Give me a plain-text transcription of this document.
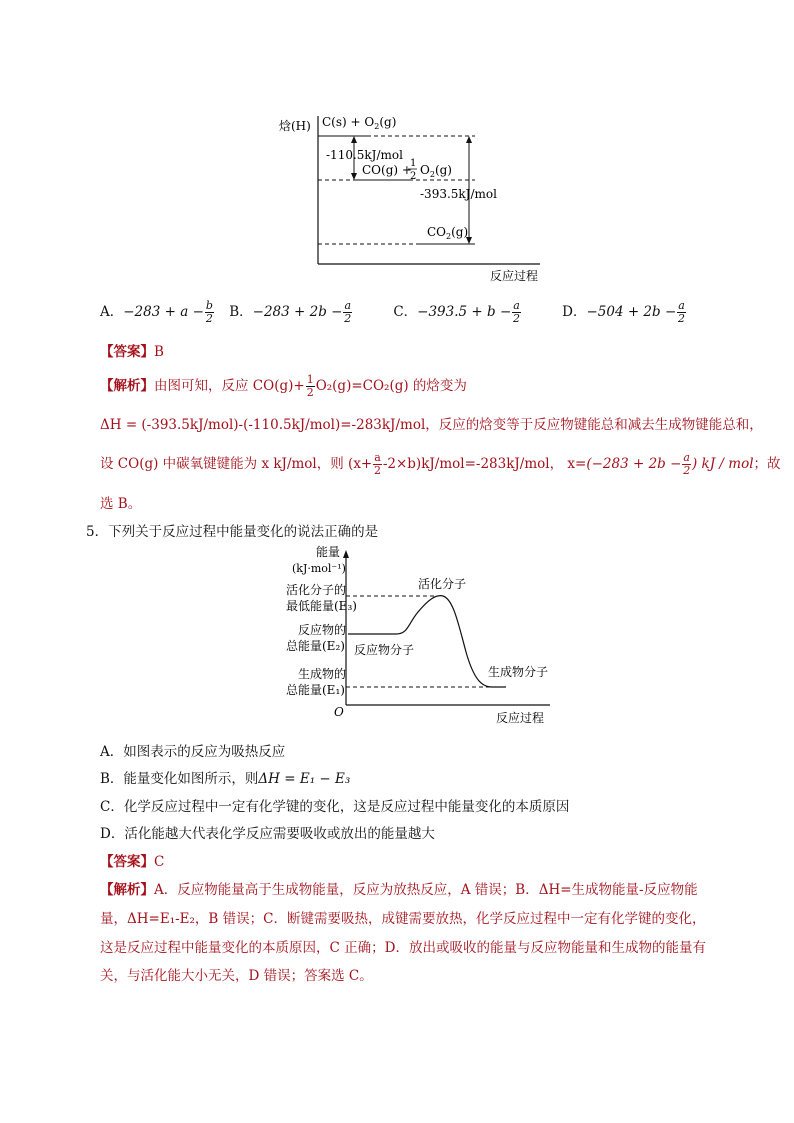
焓(H) $C(s) + O_2(g)$
-110.5kJ/mol
CO(g) +
1
2 $O_2(g)$
-393.5kJ/mol
$CO_2(g)$
反应过程
A．$-283 + a - \frac{b}{2}$ B．$-283 + 2b - \frac{a}{2}$	C．$-393.5 + b - \frac{a}{2}$	D．$-504 + 2b - \frac{a}{2}$
【答案】B
【解析】由图可知，反应 $CO(g)+ \frac{1}{2} O_2(g)=CO_2(g)$ 的焓变为
ΔH = (-393.5kJ/mol)-(-110.5kJ/mol)=-283kJ/mol，反应的焓变等于反应物键能总和减去生成物键能总和，
设 CO(g) 中碳氧键键能为 x kJ/mol，则 $(x+ \frac{a}{2} -2\times b)kJ/mol=-283kJ/mol$， $x=(-283 + 2b - \frac{a}{2}$ ) kJ / mol；故
选 B。
5．下列关于反应过程中能量变化的说法正确的是
能量
(kJ·mol⁻¹)
活化分子的
最低能量(E₃)
反应物的
总能量(E₂)
生成物的
总能量(E₁)
O	反应过程
活化分子
反应物分子
生成物分子
A．如图表示的反应为吸热反应
B．能量变化如图所示，则ΔH = E₁ − E₃
C．化学反应过程中一定有化学键的变化，这是反应过程中能量变化的本质原因
D．活化能越大代表化学反应需要吸收或放出的能量越大
【答案】C
【解析】A．反应物能量高于生成物能量，反应为放热反应，A 错误；B．ΔH=生成物能量-反应物能
量，ΔH=E₁-E₂，B 错误；C．断键需要吸热，成键需要放热，化学反应过程中一定有化学键的变化，
这是反应过程中能量变化的本质原因，C 正确；D．放出或吸收的能量与反应物能量和生成物的能量有
关，与活化能大小无关，D 错误；答案选 C。
